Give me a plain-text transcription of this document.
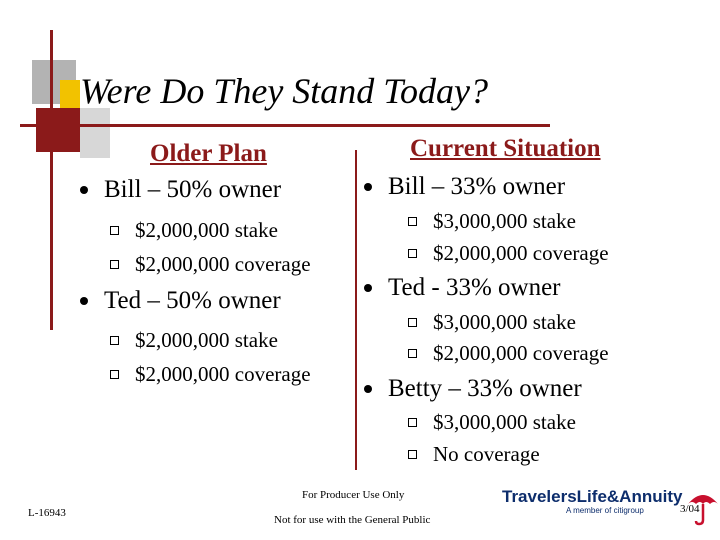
Were Do They Stand Today?
Older Plan	Current Situation
Bill – 50% owner
$2,000,000 stake
$2,000,000 coverage
Ted – 50% owner
$2,000,000 stake
$2,000,000 coverage
Bill – 33% owner
$3,000,000 stake
$2,000,000 coverage
Ted - 33% owner
$3,000,000 stake
$2,000,000 coverage
Betty – 33% owner
$3,000,000 stake
No coverage
L-16943
For Producer Use Only
Not for use with the General Public
3/04
TravelersLife&Annuity
A member of citigroup
